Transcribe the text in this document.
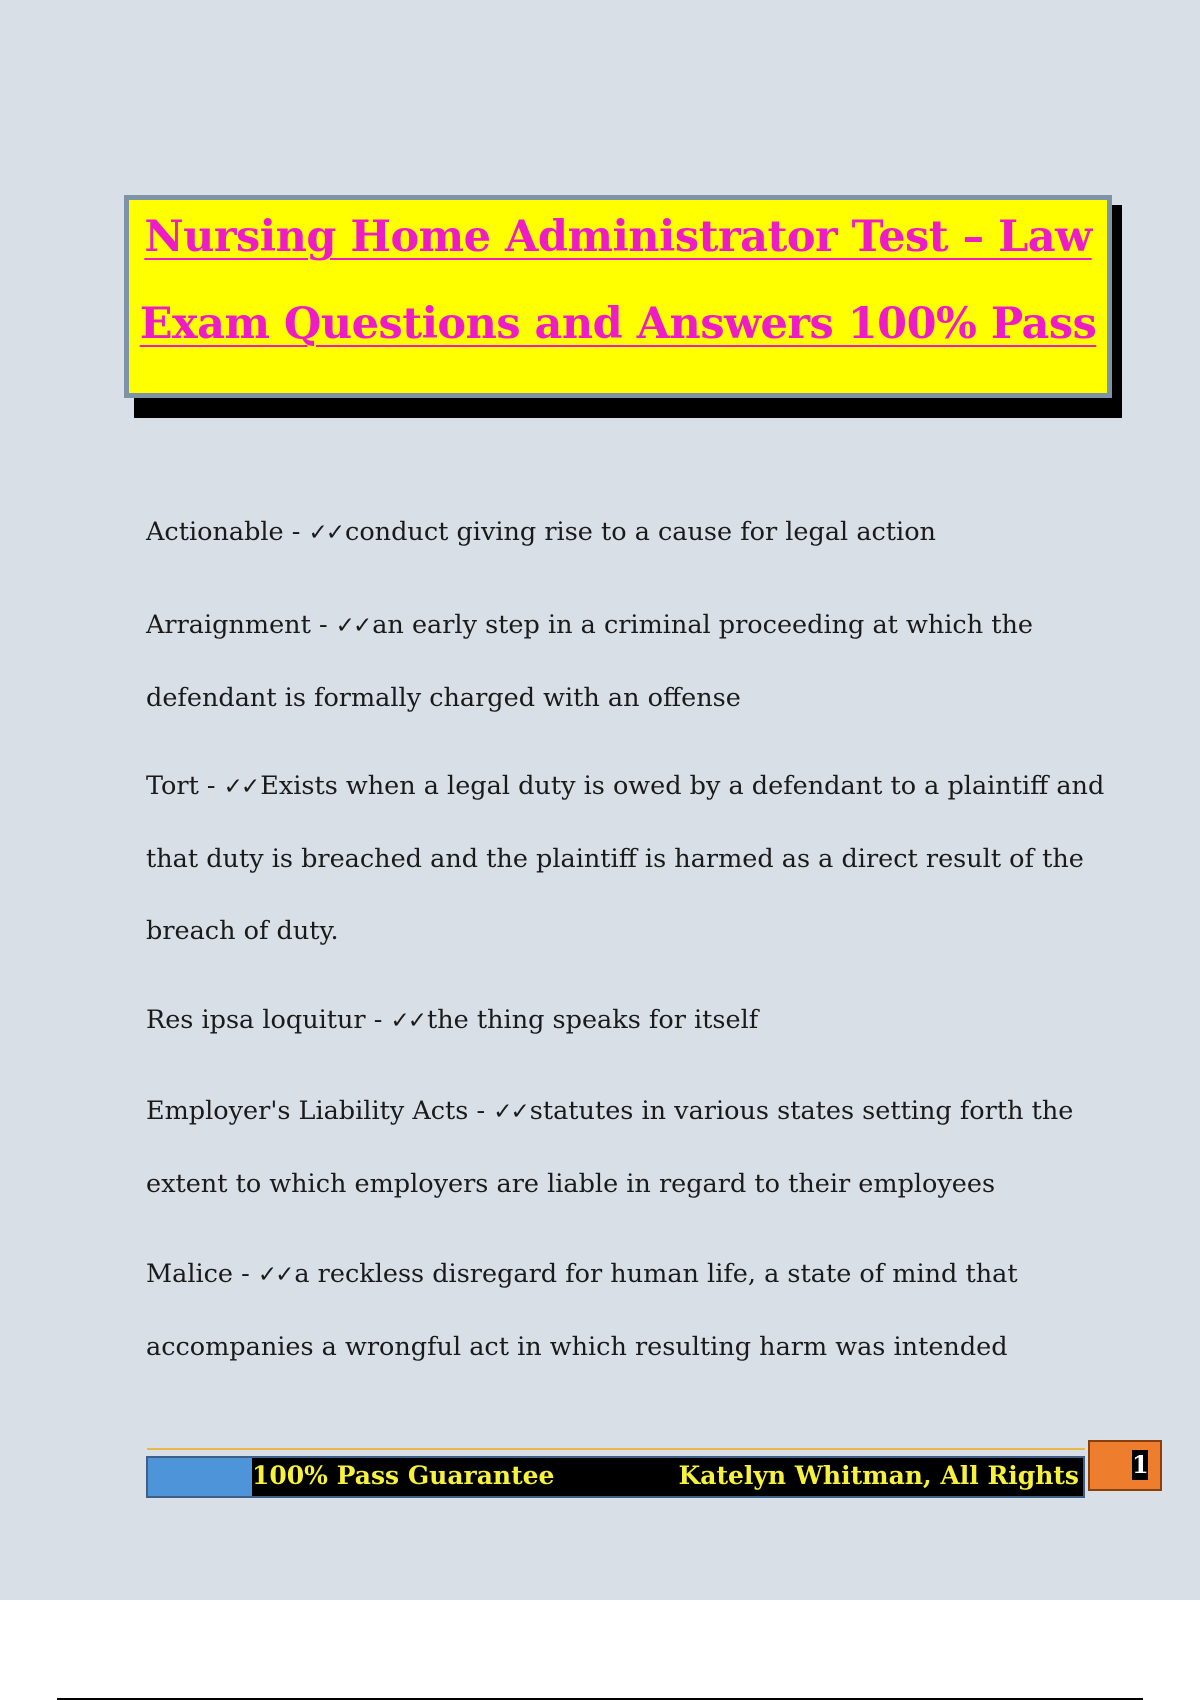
Nursing Home Administrator Test – Law
Exam Questions and Answers 100% Pass
Actionable - ✓✓conduct giving rise to a cause for legal action
Arraignment - ✓✓an early step in a criminal proceeding at which the
defendant is formally charged with an offense
Tort - ✓✓Exists when a legal duty is owed by a defendant to a plaintiff and
that duty is breached and the plaintiff is harmed as a direct result of the
breach of duty.
Res ipsa loquitur - ✓✓the thing speaks for itself
Employer's Liability Acts - ✓✓statutes in various states setting forth the
extent to which employers are liable in regard to their employees
Malice - ✓✓a reckless disregard for human life, a state of mind that
accompanies a wrongful act in which resulting harm was intended
100% Pass Guarantee	Katelyn Whitman, All Rights 1
